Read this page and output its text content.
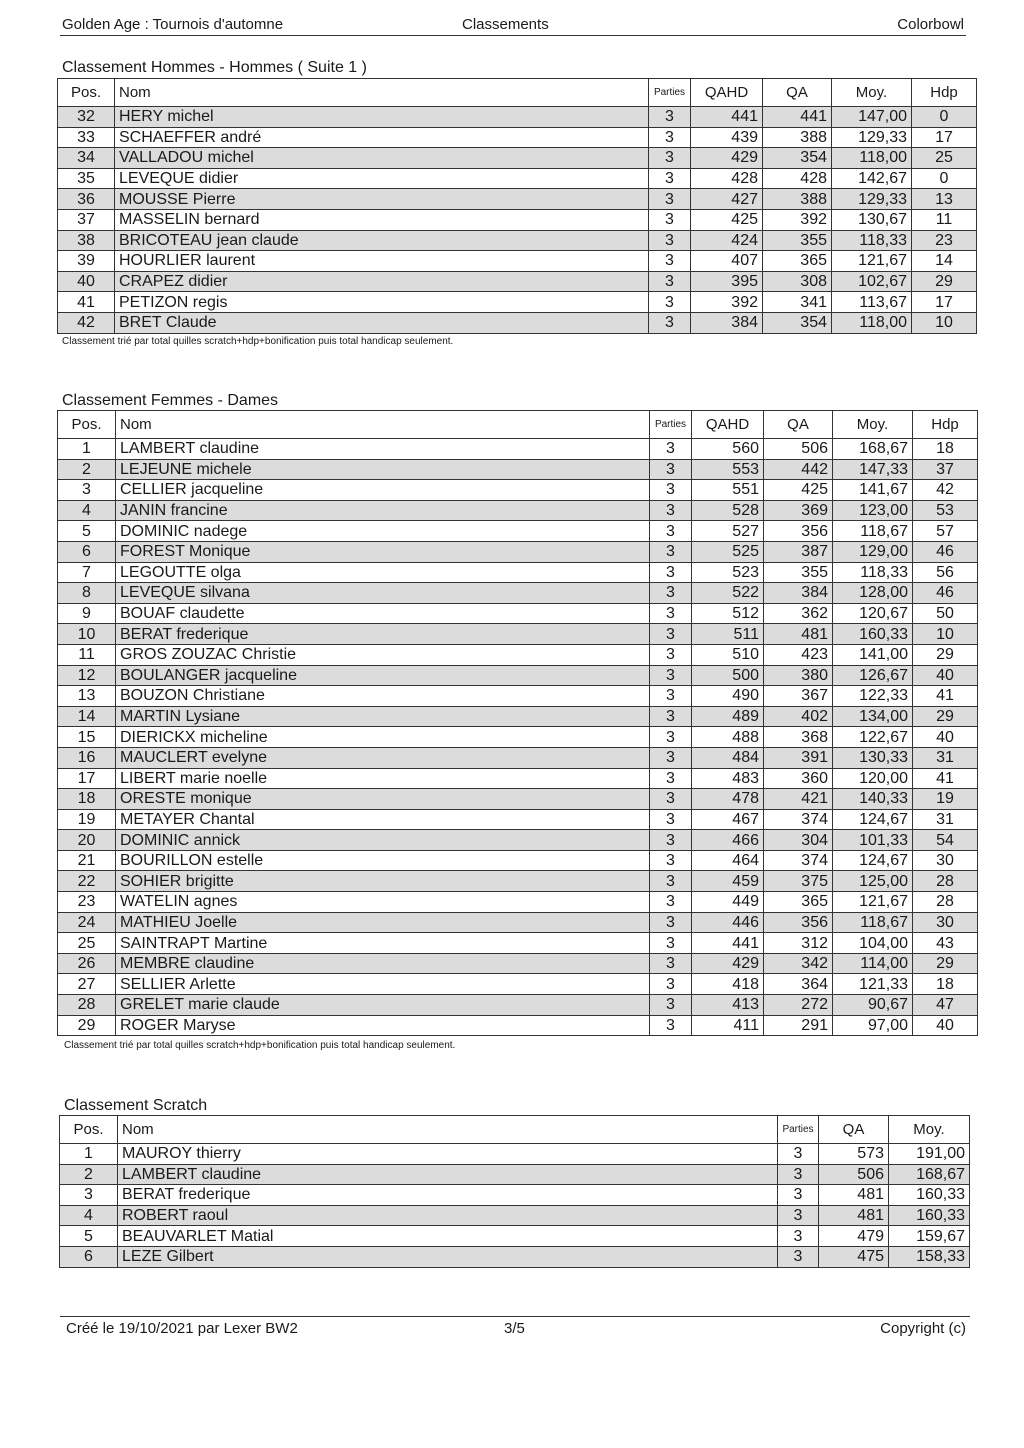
Golden Age : Tournois d'automne	Classements	Colorbowl
Classement Hommes - Hommes ( Suite 1 )
Pos.	Nom	Parties	QAHD	QA	Moy.	Hdp
32	HERY michel	3	441	441	147,00	0
33	SCHAEFFER andré	3	439	388	129,33	17
34	VALLADOU michel	3	429	354	118,00	25
35	LEVEQUE didier	3	428	428	142,67	0
36	MOUSSE Pierre	3	427	388	129,33	13
37	MASSELIN bernard	3	425	392	130,67	11
38	BRICOTEAU jean claude	3	424	355	118,33	23
39	HOURLIER laurent	3	407	365	121,67	14
40	CRAPEZ didier	3	395	308	102,67	29
41	PETIZON regis	3	392	341	113,67	17
42	BRET Claude	3	384	354	118,00	10
Classement trié par total quilles scratch+hdp+bonification puis total handicap seulement.
Classement Femmes - Dames
Pos.	Nom	Parties	QAHD	QA	Moy.	Hdp
1	LAMBERT claudine	3	560	506	168,67	18
2	LEJEUNE michele	3	553	442	147,33	37
3	CELLIER jacqueline	3	551	425	141,67	42
4	JANIN francine	3	528	369	123,00	53
5	DOMINIC nadege	3	527	356	118,67	57
6	FOREST Monique	3	525	387	129,00	46
7	LEGOUTTE olga	3	523	355	118,33	56
8	LEVEQUE silvana	3	522	384	128,00	46
9	BOUAF claudette	3	512	362	120,67	50
10	BERAT frederique	3	511	481	160,33	10
11	GROS ZOUZAC Christie	3	510	423	141,00	29
12	BOULANGER jacqueline	3	500	380	126,67	40
13	BOUZON Christiane	3	490	367	122,33	41
14	MARTIN Lysiane	3	489	402	134,00	29
15	DIERICKX micheline	3	488	368	122,67	40
16	MAUCLERT evelyne	3	484	391	130,33	31
17	LIBERT marie noelle	3	483	360	120,00	41
18	ORESTE monique	3	478	421	140,33	19
19	METAYER Chantal	3	467	374	124,67	31
20	DOMINIC annick	3	466	304	101,33	54
21	BOURILLON estelle	3	464	374	124,67	30
22	SOHIER brigitte	3	459	375	125,00	28
23	WATELIN agnes	3	449	365	121,67	28
24	MATHIEU Joelle	3	446	356	118,67	30
25	SAINTRAPT Martine	3	441	312	104,00	43
26	MEMBRE claudine	3	429	342	114,00	29
27	SELLIER Arlette	3	418	364	121,33	18
28	GRELET marie claude	3	413	272	90,67	47
29	ROGER Maryse	3	411	291	97,00	40
Classement trié par total quilles scratch+hdp+bonification puis total handicap seulement.
Classement Scratch
Pos.	Nom	Parties	QA	Moy.
1	MAUROY thierry	3	573	191,00
2	LAMBERT claudine	3	506	168,67
3	BERAT frederique	3	481	160,33
4	ROBERT raoul	3	481	160,33
5	BEAUVARLET Matial	3	479	159,67
6	LEZE Gilbert	3	475	158,33
Créé le 19/10/2021 par Lexer BW2	3/5	Copyright (c)
